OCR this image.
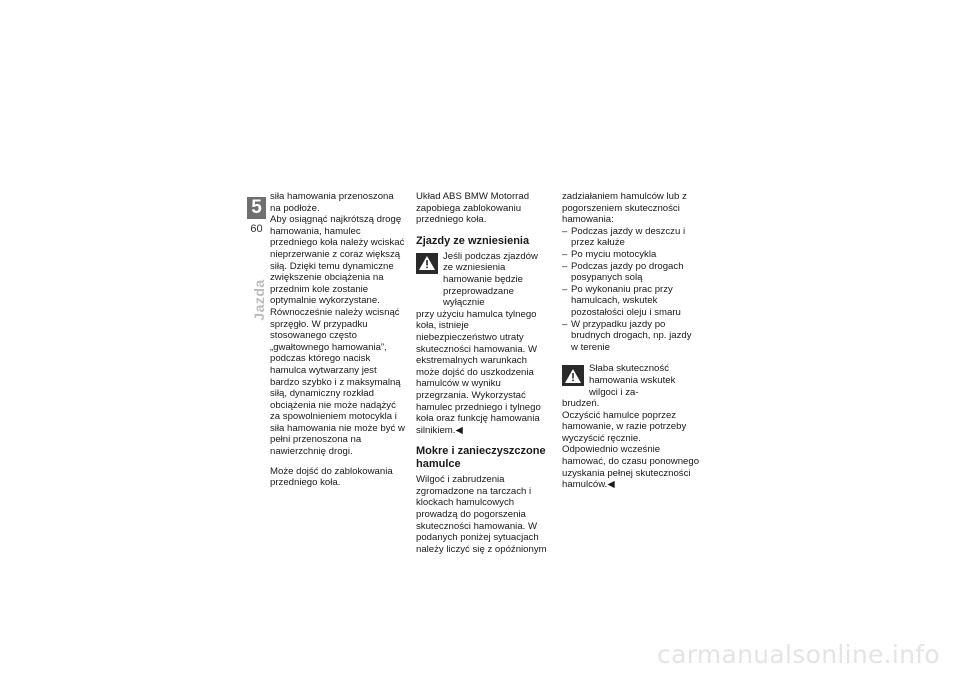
5
60
Jazda

siła hamowania przenoszona na podłoże.

Aby osiągnąć najkrótszą drogę hamowania, hamulec przedniego koła należy wciskać nieprzerwanie z coraz większą siłą. Dzięki temu dynamiczne zwiększenie obciążenia na przednim kole zostanie optymalnie wykorzystane. Równocześnie należy wcisnąć sprzęgło. W przypadku stosowanego często „gwałtownego hamowania”, podczas którego nacisk hamulca wytwarzany jest bardzo szybko i z maksymalną siłą, dynamiczny rozkład obciążenia nie może nadążyć za spowolnieniem motocykla i siła hamowania nie może być w pełni przenoszona na nawierzchnię drogi.

Może dojść do zablokowania przedniego koła.

Układ ABS BMW Motorrad zapobiega zablokowaniu przedniego koła.

Zjazdy ze wzniesienia

Jeśli podczas zjazdów ze wzniesienia hamowanie będzie przeprowadzane wyłącznie

przy użyciu hamulca tylnego koła, istnieje niebezpieczeństwo utraty skuteczności hamowania. W ekstremalnych warunkach może dojść do uszkodzenia hamulców w wyniku przegrzania. Wykorzystać hamulec przedniego i tylnego koła oraz funkcję hamowania silnikiem.◀

Mokre i zanieczyszczone hamulce

Wilgoć i zabrudzenia zgromadzone na tarczach i klockach hamulcowych prowadzą do pogorszenia skuteczności hamowania. W podanych poniżej sytuacjach należy liczyć się z opóźnionym

zadziałaniem hamulców lub z pogorszeniem skuteczności hamowania:

– Podczas jazdy w deszczu i przez kałuże
– Po myciu motocykla
– Podczas jazdy po drogach posypanych solą
– Po wykonaniu prac przy hamulcach, wskutek pozostałości oleju i smaru
– W przypadku jazdy po brudnych drogach, np. jazdy w terenie

Słaba skuteczność hamowania wskutek wilgoci i za-

brudzeń.

Oczyścić hamulce poprzez hamowanie, w razie potrzeby wyczyścić ręcznie.

Odpowiednio wcześnie hamować, do czasu ponownego uzyskania pełnej skuteczności hamulców.◀

carmanualsonline.info
